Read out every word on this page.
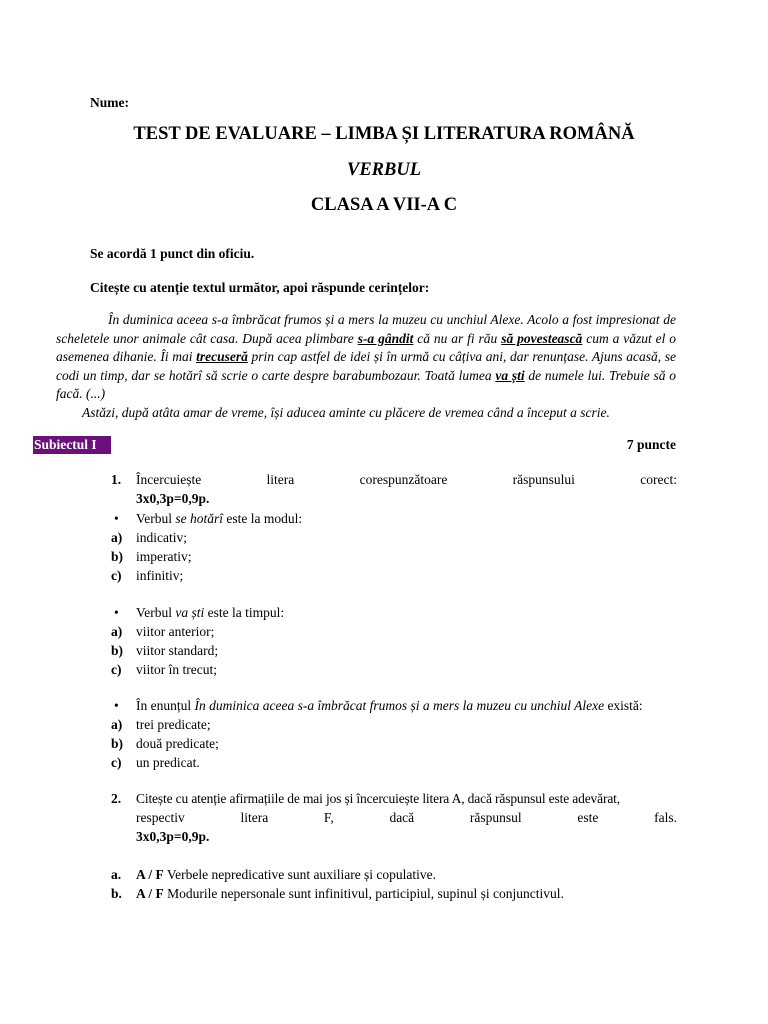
Nume:
TEST DE EVALUARE – LIMBA ȘI LITERATURA ROMÂNĂ
VERBUL
CLASA A VII-A C
Se acordă 1 punct din oficiu.
Citește cu atenție textul următor, apoi răspunde cerințelor:

În duminica aceea s-a îmbrăcat frumos și a mers la muzeu cu unchiul Alexe. Acolo a fost impresionat de scheletele unor animale cât casa. După acea plimbare s-a gândit că nu ar fi rău să povestească cum a văzut el o asemenea dihanie. Îi mai trecuseră prin cap astfel de idei și în urmă cu câțiva ani, dar renunțase. Ajuns acasă, se codi un timp, dar se hotărî să scrie o carte despre barabumbozaur. Toată lumea va ști de numele lui. Trebuie să o facă. (...)

Astăzi, după atâta amar de vreme, își aducea aminte cu plăcere de vremea când a început a scrie.

Subiectul I	7 puncte
1. Încercuiește	litera	corespunzătoare	răspunsului	corect:
3x0,3p=0,9p.
• Verbul se hotărî este la modul:
a) indicativ;
b) imperativ;
c) infinitiv;
• Verbul va ști este la timpul:
a) viitor anterior;
b) viitor standard;
c) viitor în trecut;
• În enunțul În duminica aceea s-a îmbrăcat frumos și a mers la muzeu cu unchiul Alexe există:
a) trei predicate;
b) două predicate;
c) un predicat.
2. Citește cu atenție afirmațiile de mai jos și încercuiește litera A, dacă răspunsul este adevărat,
respectiv	litera	F,	dacă	răspunsul	este	fals.
3x0,3p=0,9p.
a. A / F Verbele nepredicative sunt auxiliare și copulative.
b. A / F Modurile nepersonale sunt infinitivul, participiul, supinul și conjunctivul.
